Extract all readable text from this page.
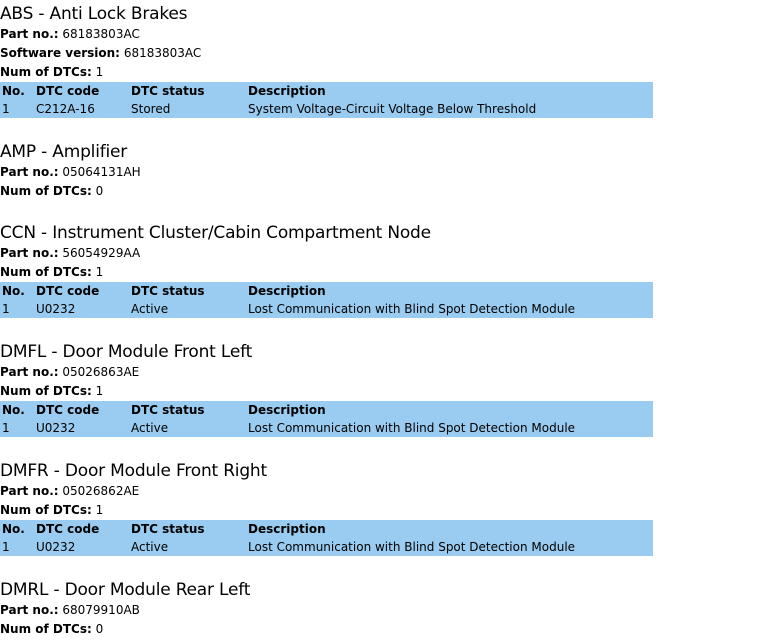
ABS - Anti Lock Brakes
Part no.: 68183803AC
Software version: 68183803AC
Num of DTCs: 1
No.	DTC code	DTC status	Description
1	C212A-16	Stored	System Voltage-Circuit Voltage Below Threshold
AMP - Amplifier
Part no.: 05064131AH
Num of DTCs: 0
CCN - Instrument Cluster/Cabin Compartment Node
Part no.: 56054929AA
Num of DTCs: 1
No.	DTC code	DTC status	Description
1	U0232	Active	Lost Communication with Blind Spot Detection Module
DMFL - Door Module Front Left
Part no.: 05026863AE
Num of DTCs: 1
No.	DTC code	DTC status	Description
1	U0232	Active	Lost Communication with Blind Spot Detection Module
DMFR - Door Module Front Right
Part no.: 05026862AE
Num of DTCs: 1
No.	DTC code	DTC status	Description
1	U0232	Active	Lost Communication with Blind Spot Detection Module
DMRL - Door Module Rear Left
Part no.: 68079910AB
Num of DTCs: 0
